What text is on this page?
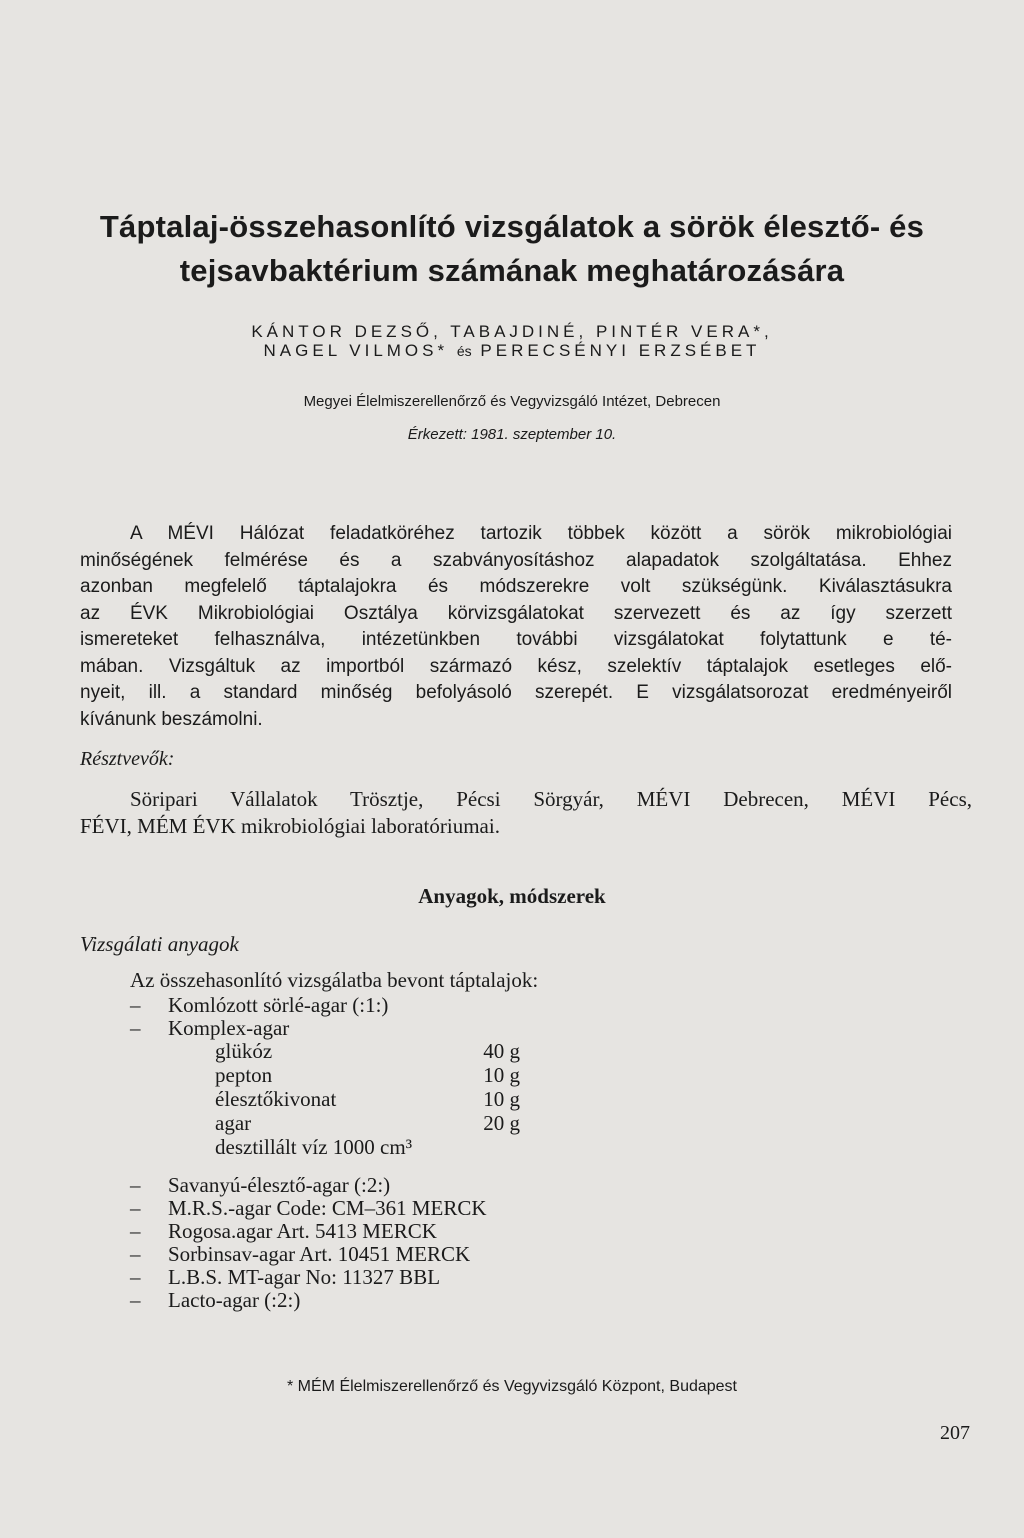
Táptalaj-összehasonlító vizsgálatok a sörök élesztő- és
tejsavbaktérium számának meghatározására
KÁNTOR DEZSŐ, TABAJDINÉ, PINTÉR VERA*,
NAGEL VILMOS* és PERECSÉNYI ERZSÉBET
Megyei Élelmiszerellenőrző és Vegyvizsgáló Intézet, Debrecen
Érkezett: 1981. szeptember 10.
A MÉVI Hálózat feladatköréhez tartozik többek között a sörök mikrobiológiai
minőségének felmérése és a szabványosításhoz alapadatok szolgáltatása. Ehhez
azonban megfelelő táptalajokra és módszerekre volt szükségünk. Kiválasztásukra
az ÉVK Mikrobiológiai Osztálya körvizsgálatokat szervezett és az így szerzett
ismereteket felhasználva, intézetünkben további vizsgálatokat folytattunk e té-
mában. Vizsgáltuk az importból származó kész, szelektív táptalajok esetleges elő-
nyeit, ill. a standard minőség befolyásoló szerepét. E vizsgálatsorozat eredményeiről
kívánunk beszámolni.
Résztvevők:
Söripari Vállalatok Trösztje, Pécsi Sörgyár, MÉVI Debrecen, MÉVI Pécs,
FÉVI, MÉM ÉVK mikrobiológiai laboratóriumai.
Anyagok, módszerek
Vizsgálati anyagok
Az összehasonlító vizsgálatba bevont táptalajok:
– Komlózott sörlé-agar (:1:)
– Komplex-agar
glükóz	40 g
pepton	10 g
élesztőkivonat	10 g
agar	20 g
desztillált víz 1000 cm³
– Savanyú-élesztő-agar (:2:)
– M.R.S.-agar Code: CM–361 MERCK
– Rogosa.agar Art. 5413 MERCK
– Sorbinsav-agar Art. 10451 MERCK
– L.B.S. MT-agar No: 11327 BBL
– Lacto-agar (:2:)
* MÉM Élelmiszerellenőrző és Vegyvizsgáló Központ, Budapest
207
